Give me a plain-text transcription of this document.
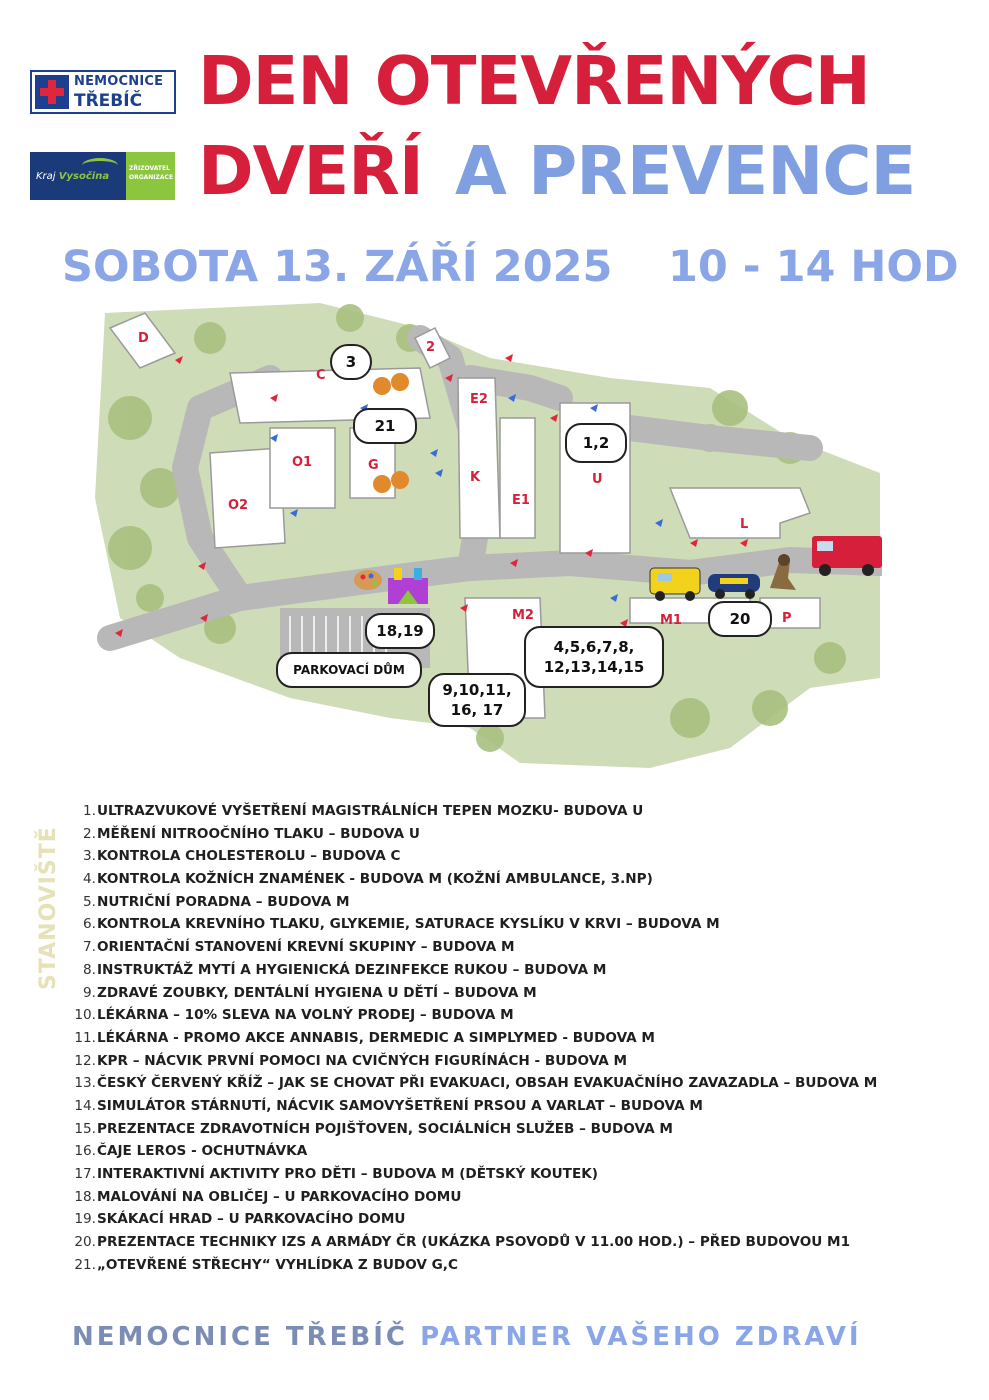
NEMOCNICE
TŘEBÍČ
Kraj Vysočina
ZŘIZOVATEL
ORGANIZACE
DEN OTEVŘENÝCH
DVEŘÍ A PREVENCE
SOBOTA 13. ZÁŘÍ 2025 10 - 14 HOD
D
2
C
E2
O1
O2
G
K
E1
U
L
M2	M1	P
3
21
1,2
20
18,19
PARKOVACÍ DŮM
9,10,11,
16, 17
4,5,6,7,8,
12,13,14,15
STANOVIŠTĚ
1. ULTRAZVUKOVÉ VYŠETŘENÍ MAGISTRÁLNÍCH TEPEN MOZKU- BUDOVA U
2. MĚŘENÍ NITROOČNÍHO TLAKU – BUDOVA U
3. KONTROLA CHOLESTEROLU – BUDOVA C
4. KONTROLA KOŽNÍCH ZNAMÉNEK - BUDOVA M (KOŽNÍ AMBULANCE, 3.NP)
5. NUTRIČNÍ PORADNA – BUDOVA M
6. KONTROLA KREVNÍHO TLAKU, GLYKEMIE, SATURACE KYSLÍKU V KRVI – BUDOVA M
7. ORIENTAČNÍ STANOVENÍ KREVNÍ SKUPINY – BUDOVA M
8. INSTRUKTÁŽ MYTÍ A HYGIENICKÁ DEZINFEKCE RUKOU – BUDOVA M
9. ZDRAVÉ ZOUBKY, DENTÁLNÍ HYGIENA U DĚTÍ – BUDOVA M
10. LÉKÁRNA – 10% SLEVA NA VOLNÝ PRODEJ – BUDOVA M
11. LÉKÁRNA - PROMO AKCE ANNABIS, DERMEDIC A SIMPLYMED - BUDOVA M
12. KPR – NÁCVIK PRVNÍ POMOCI NA CVIČNÝCH FIGURÍNÁCH - BUDOVA M
13. ČESKÝ ČERVENÝ KŘÍŽ – JAK SE CHOVAT PŘI EVAKUACI, OBSAH EVAKUAČNÍHO ZAVAZADLA – BUDOVA M
14. SIMULÁTOR STÁRNUTÍ, NÁCVIK SAMOVYŠETŘENÍ PRSOU A VARLAT – BUDOVA M
15. PREZENTACE ZDRAVOTNÍCH POJIŠŤOVEN, SOCIÁLNÍCH SLUŽEB – BUDOVA M
16. ČAJE LEROS - OCHUTNÁVKA
17. INTERAKTIVNÍ AKTIVITY PRO DĚTI – BUDOVA M (DĚTSKÝ KOUTEK)
18. MALOVÁNÍ NA OBLIČEJ – U PARKOVACÍHO DOMU
19. SKÁKACÍ HRAD – U PARKOVACÍHO DOMU
20. PREZENTACE TECHNIKY IZS A ARMÁDY ČR (UKÁZKA PSOVODŮ V 11.00 HOD.) – PŘED BUDOVOU M1
21. „OTEVŘENÉ STŘECHY“ VYHLÍDKA Z BUDOV G,C
NEMOCNICE TŘEBÍČ PARTNER VAŠEHO ZDRAVÍ
